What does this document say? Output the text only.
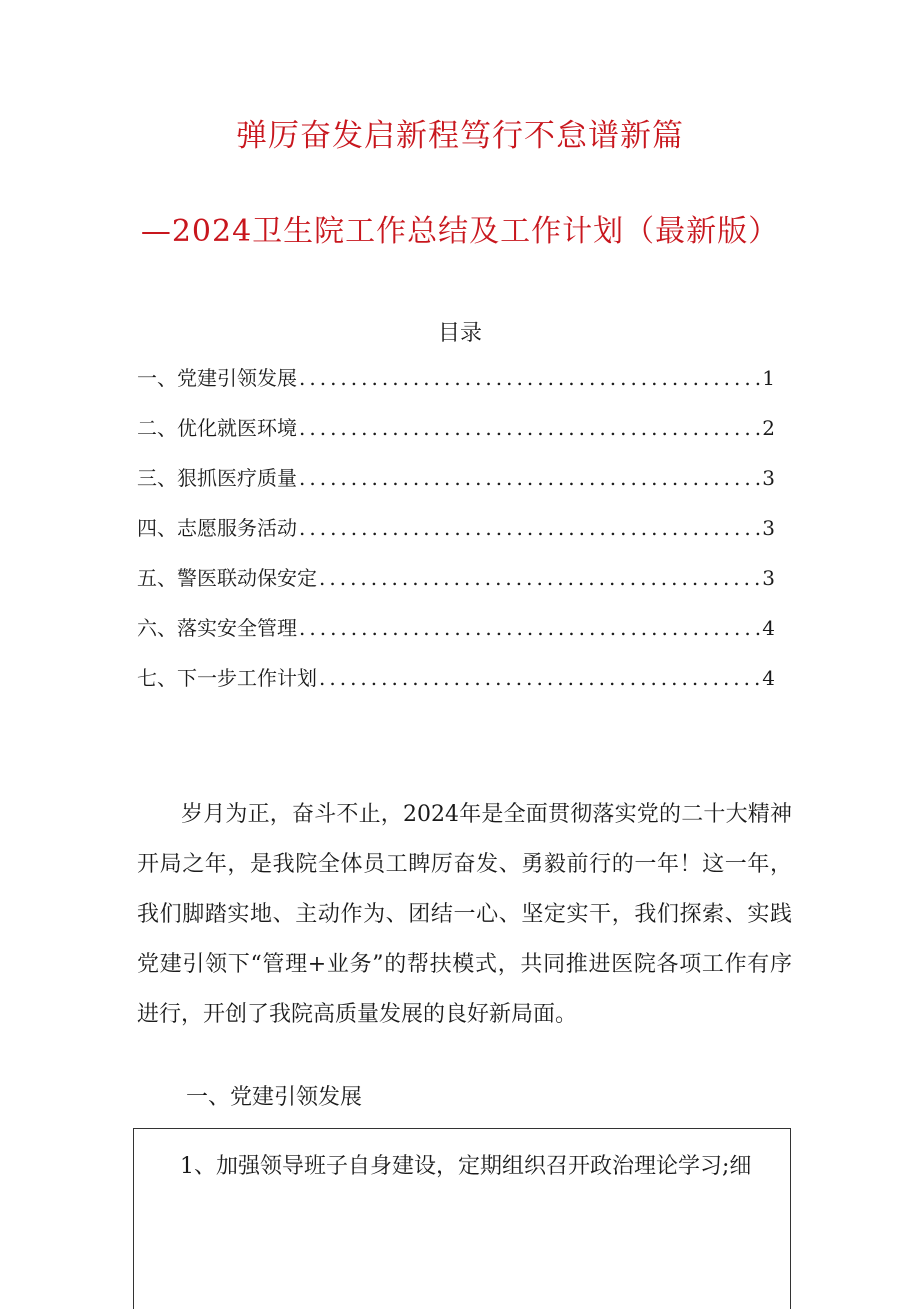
弹厉奋发启新程笃行不怠谱新篇
—2024卫生院工作总结及工作计划（最新版）
目录
一、党建引领发展 .....	1
二、优化就医环境 .....	2
三、狠抓医疗质量 .....	3
四、志愿服务活动 .....	3
五、警医联动保安定 .....	3
六、落实安全管理 .....	4
七、下一步工作计划 .....	4
岁月为正，奋斗不止，2024年是全面贯彻落实党的二十大精神开局之年，是我院全体员工睥厉奋发、勇毅前行的一年！这一年，我们脚踏实地、主动作为、团结一心、坚定实干，我们探索、实践党建引领下“管理+业务”的帮扶模式，共同推进医院各项工作有序进行，开创了我院高质量发展的良好新局面。
一、党建引领发展
1、加强领导班子自身建设，定期组织召开政治理论学习;细
